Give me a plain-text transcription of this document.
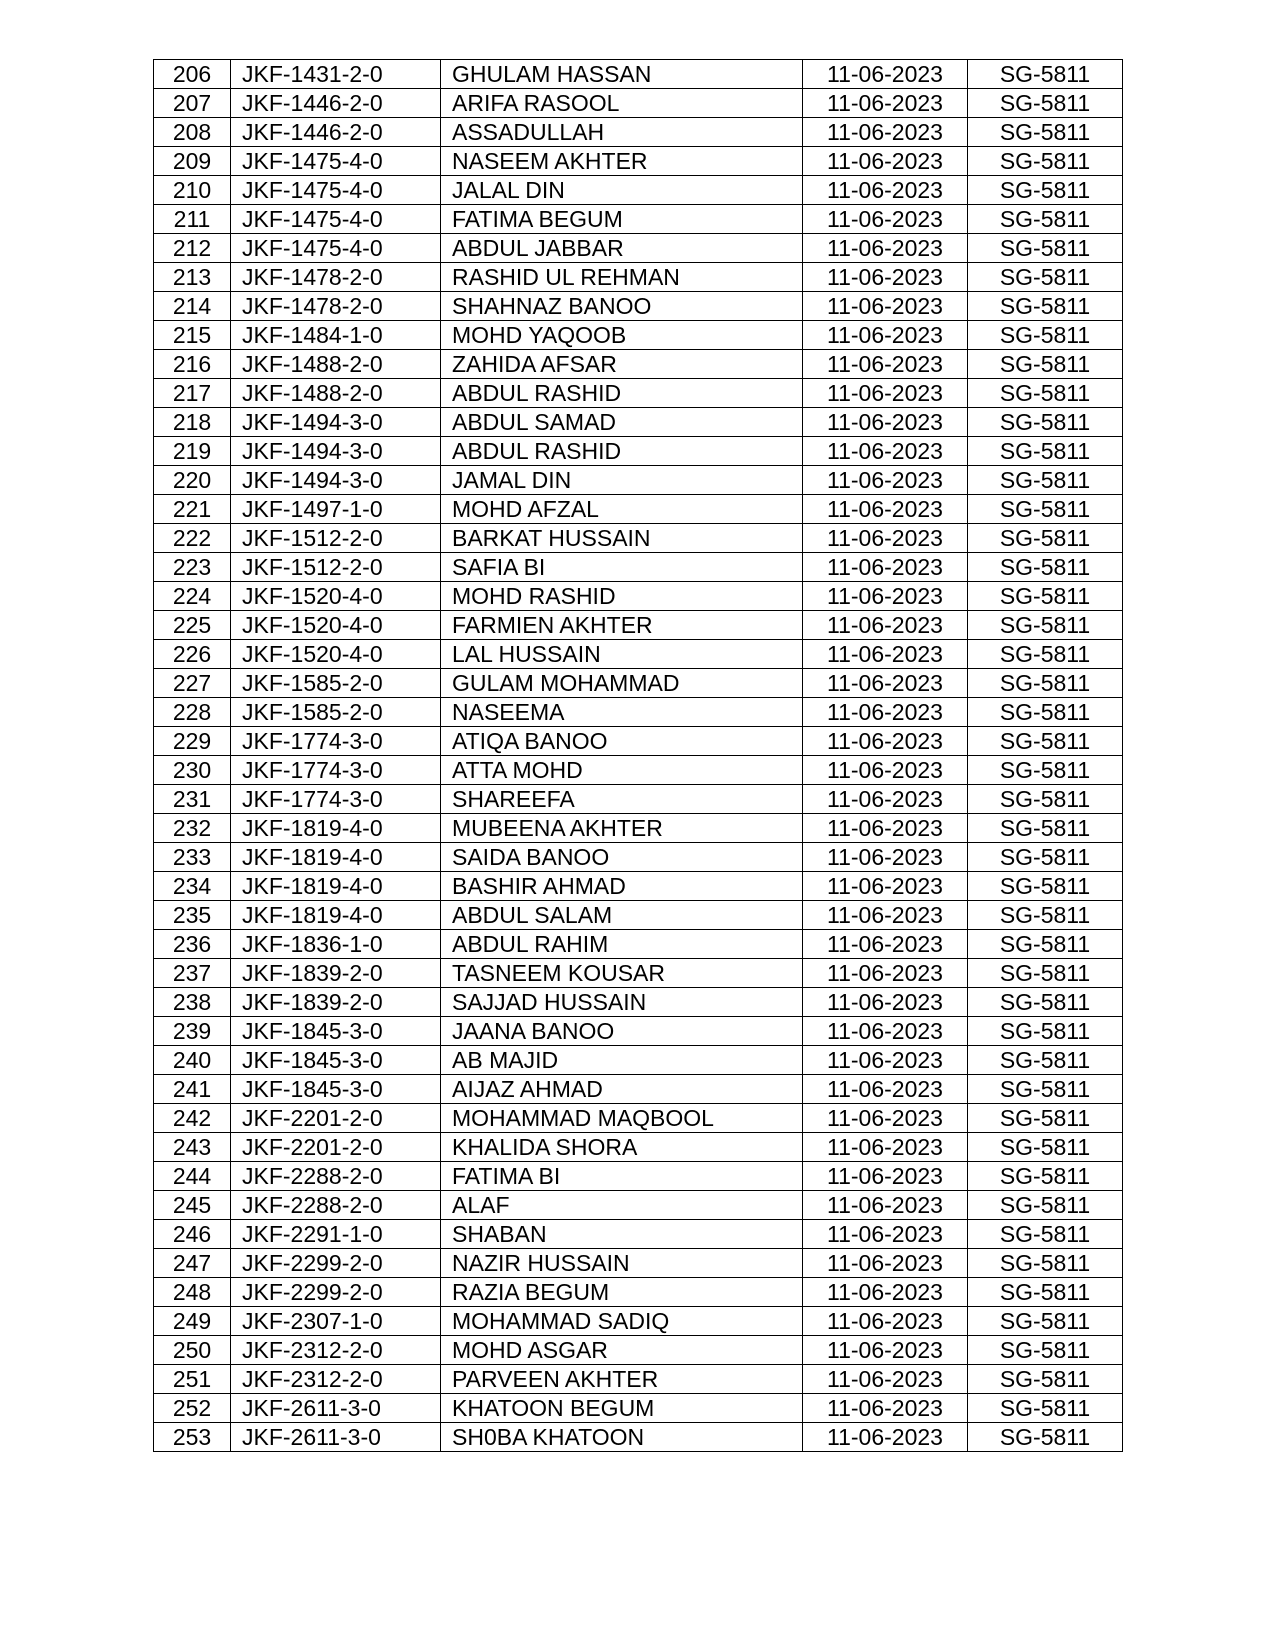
206	JKF-1431-2-0	GHULAM HASSAN	11-06-2023	SG-5811
207	JKF-1446-2-0	ARIFA RASOOL	11-06-2023	SG-5811
208	JKF-1446-2-0	ASSADULLAH	11-06-2023	SG-5811
209	JKF-1475-4-0	NASEEM AKHTER	11-06-2023	SG-5811
210	JKF-1475-4-0	JALAL DIN	11-06-2023	SG-5811
211	JKF-1475-4-0	FATIMA BEGUM	11-06-2023	SG-5811
212	JKF-1475-4-0	ABDUL JABBAR	11-06-2023	SG-5811
213	JKF-1478-2-0	RASHID UL REHMAN	11-06-2023	SG-5811
214	JKF-1478-2-0	SHAHNAZ BANOO	11-06-2023	SG-5811
215	JKF-1484-1-0	MOHD YAQOOB	11-06-2023	SG-5811
216	JKF-1488-2-0	ZAHIDA AFSAR	11-06-2023	SG-5811
217	JKF-1488-2-0	ABDUL RASHID	11-06-2023	SG-5811
218	JKF-1494-3-0	ABDUL SAMAD	11-06-2023	SG-5811
219	JKF-1494-3-0	ABDUL RASHID	11-06-2023	SG-5811
220	JKF-1494-3-0	JAMAL DIN	11-06-2023	SG-5811
221	JKF-1497-1-0	MOHD AFZAL	11-06-2023	SG-5811
222	JKF-1512-2-0	BARKAT HUSSAIN	11-06-2023	SG-5811
223	JKF-1512-2-0	SAFIA BI	11-06-2023	SG-5811
224	JKF-1520-4-0	MOHD RASHID	11-06-2023	SG-5811
225	JKF-1520-4-0	FARMIEN AKHTER	11-06-2023	SG-5811
226	JKF-1520-4-0	LAL HUSSAIN	11-06-2023	SG-5811
227	JKF-1585-2-0	GULAM MOHAMMAD	11-06-2023	SG-5811
228	JKF-1585-2-0	NASEEMA	11-06-2023	SG-5811
229	JKF-1774-3-0	ATIQA BANOO	11-06-2023	SG-5811
230	JKF-1774-3-0	ATTA MOHD	11-06-2023	SG-5811
231	JKF-1774-3-0	SHAREEFA	11-06-2023	SG-5811
232	JKF-1819-4-0	MUBEENA AKHTER	11-06-2023	SG-5811
233	JKF-1819-4-0	SAIDA BANOO	11-06-2023	SG-5811
234	JKF-1819-4-0	BASHIR AHMAD	11-06-2023	SG-5811
235	JKF-1819-4-0	ABDUL SALAM	11-06-2023	SG-5811
236	JKF-1836-1-0	ABDUL RAHIM	11-06-2023	SG-5811
237	JKF-1839-2-0	TASNEEM KOUSAR	11-06-2023	SG-5811
238	JKF-1839-2-0	SAJJAD HUSSAIN	11-06-2023	SG-5811
239	JKF-1845-3-0	JAANA BANOO	11-06-2023	SG-5811
240	JKF-1845-3-0	AB MAJID	11-06-2023	SG-5811
241	JKF-1845-3-0	AIJAZ AHMAD	11-06-2023	SG-5811
242	JKF-2201-2-0	MOHAMMAD MAQBOOL	11-06-2023	SG-5811
243	JKF-2201-2-0	KHALIDA SHORA	11-06-2023	SG-5811
244	JKF-2288-2-0	FATIMA BI	11-06-2023	SG-5811
245	JKF-2288-2-0	ALAF	11-06-2023	SG-5811
246	JKF-2291-1-0	SHABAN	11-06-2023	SG-5811
247	JKF-2299-2-0	NAZIR HUSSAIN	11-06-2023	SG-5811
248	JKF-2299-2-0	RAZIA BEGUM	11-06-2023	SG-5811
249	JKF-2307-1-0	MOHAMMAD SADIQ	11-06-2023	SG-5811
250	JKF-2312-2-0	MOHD ASGAR	11-06-2023	SG-5811
251	JKF-2312-2-0	PARVEEN AKHTER	11-06-2023	SG-5811
252	JKF-2611-3-0	KHATOON BEGUM	11-06-2023	SG-5811
253	JKF-2611-3-0	SH0BA KHATOON	11-06-2023	SG-5811
